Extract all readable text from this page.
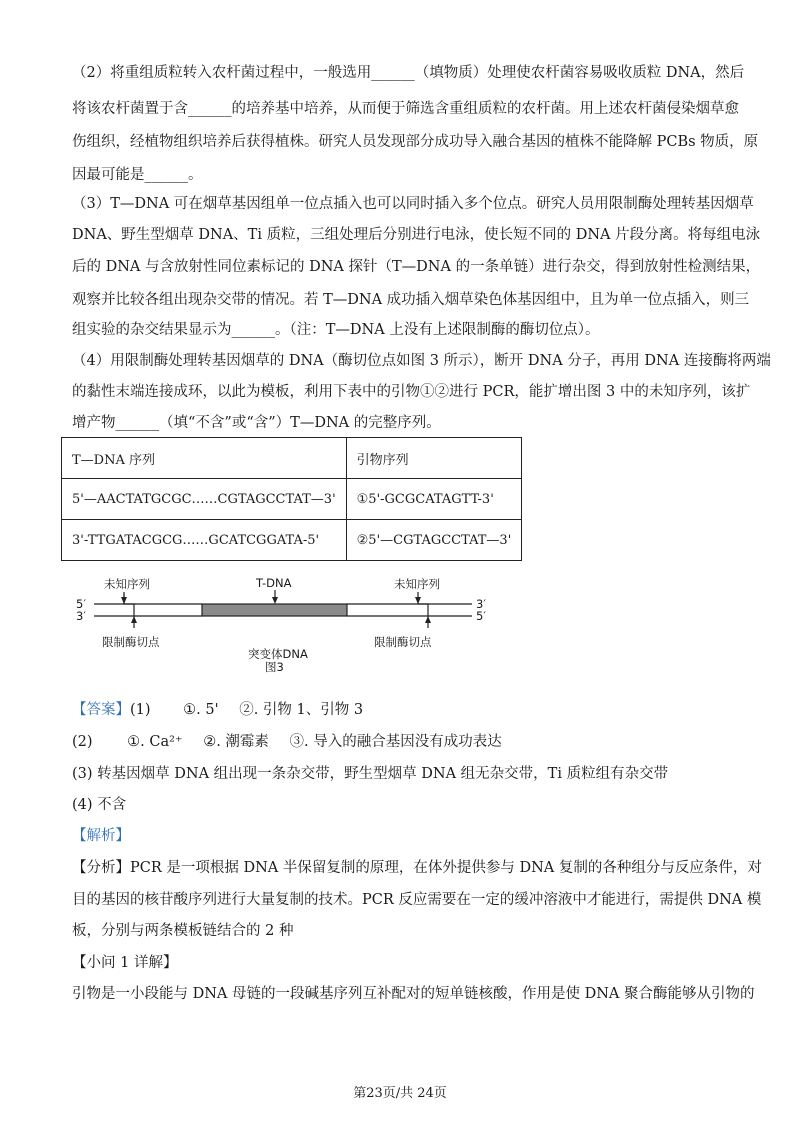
（2）将重组质粒转入农杆菌过程中，一般选用______（填物质）处理使农杆菌容易吸收质粒 DNA，然后
将该农杆菌置于含______的培养基中培养，从而便于筛选含重组质粒的农杆菌。用上述农杆菌侵染烟草愈
伤组织，经植物组织培养后获得植株。研究人员发现部分成功导入融合基因的植株不能降解 PCBs 物质，原
因最可能是______。
（3）T—DNA 可在烟草基因组单一位点插入也可以同时插入多个位点。研究人员用限制酶处理转基因烟草
DNA、野生型烟草 DNA、Ti 质粒，三组处理后分别进行电泳，使长短不同的 DNA 片段分离。将每组电泳
后的 DNA 与含放射性同位素标记的 DNA 探针（T—DNA 的一条单链）进行杂交，得到放射性检测结果，
观察并比较各组出现杂交带的情况。若 T—DNA 成功插入烟草染色体基因组中，且为单一位点插入，则三
组实验的杂交结果显示为______。（注：T—DNA 上没有上述限制酶的酶切位点）。
（4）用限制酶处理转基因烟草的 DNA（酶切位点如图 3 所示），断开 DNA 分子，再用 DNA 连接酶将两端
的黏性末端连接成环，以此为模板，利用下表中的引物①②进行 PCR，能扩增出图 3 中的未知序列，该扩
增产物______（填“不含”或“含”）T—DNA 的完整序列。
T—DNA 序列	引物序列
5'—AACTATGCGC……CGTAGCCTAT—3'	①5'-GCGCATAGTT-3'
3'-TTGATACGCG……GCATCGGATA-5'	②5'—CGTAGCCTAT—3'
未知序列	T-DNA	未知序列
5′
3′
3′
5′
限制酶切点	限制酶切点
突变体DNA
图3
【答案】(1) ①. 5' ②. 引物 1、引物 3
(2) ①. Ca²⁺ ②. 潮霉素 ③. 导入的融合基因没有成功表达
(3) 转基因烟草 DNA 组出现一条杂交带，野生型烟草 DNA 组无杂交带，Ti 质粒组有杂交带
(4) 不含
【解析】
【分析】PCR 是一项根据 DNA 半保留复制的原理，在体外提供参与 DNA 复制的各种组分与反应条件，对
目的基因的核苷酸序列进行大量复制的技术。PCR 反应需要在一定的缓冲溶液中才能进行，需提供 DNA 模
板，分别与两条模板链结合的 2 种
【小问 1 详解】
引物是一小段能与 DNA 母链的一段碱基序列互补配对的短单链核酸，作用是使 DNA 聚合酶能够从引物的
第23页/共 24页
